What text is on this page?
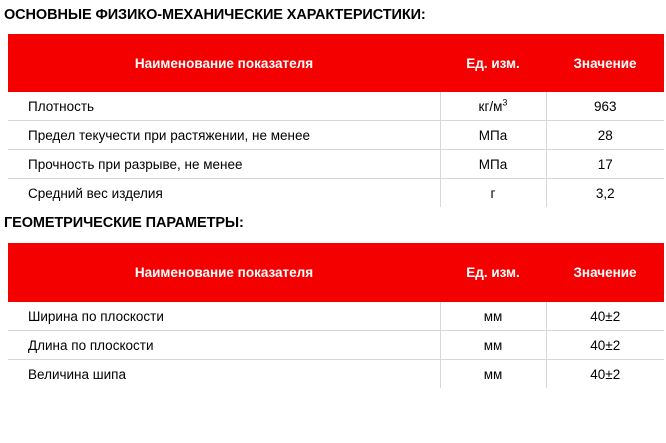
ОСНОВНЫЕ ФИЗИКО-МЕХАНИЧЕСКИЕ ХАРАКТЕРИСТИКИ:
Наименование показателя	Ед. изм.	Значение
Плотность	$кг/м^3$	963
Предел текучести при растяжении, не менее	МПа	28
Прочность при разрыве, не менее	МПа	17
Средний вес изделия	г	3,2
ГЕОМЕТРИЧЕСКИЕ ПАРАМЕТРЫ:
Наименование показателя	Ед. изм.	Значение
Ширина по плоскости	мм	40±2
Длина по плоскости	мм	40±2
Величина шипа	мм	40±2
